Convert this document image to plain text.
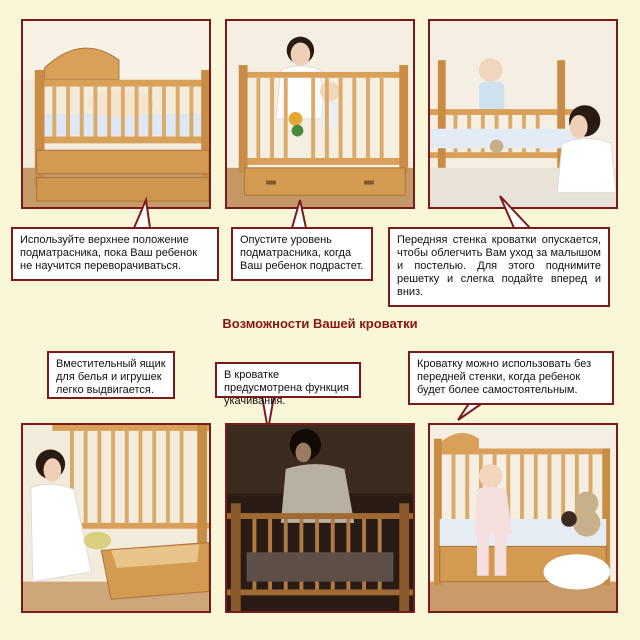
Используйте верхнее положение подматрасника, пока Ваш ребенок не научится переворачиваться.
Опустите уровень подматрасника, когда Ваш ребенок подрастет.
Передняя стенка кроватки опускается, чтобы облегчить Вам уход за малышом и постелью. Для этого поднимите решетку и слегка подайте вперед и вниз.
Возможности Вашей кроватки
Вместительный ящик для белья и игрушек легко выдвигается.
В кроватке предусмотрена функция укачивания.
Кроватку можно использовать без передней стенки, когда ребенок будет более самостоятельным.
